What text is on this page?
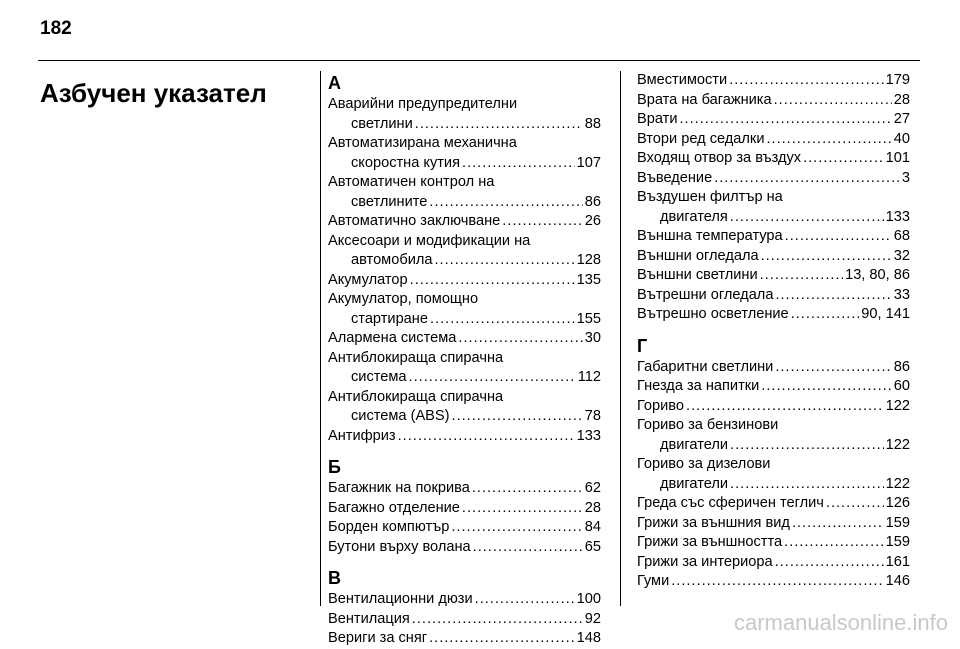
182
Азбучен указател	А
Аварийни предупредителни
светлини .....	88
Автоматизирана механична
скоростна кутия .....	107
Автоматичен контрол на
светлините .....	86
Автоматично заключване .....	26
Аксесоари и модификации на
автомобила .....	128
Акумулатор .....	135
Акумулатор, помощно
стартиране .....	155
Алармена система .....	30
Антиблокираща спирачна
система .....	112
Антиблокираща спирачна
система (ABS) .....	78
Антифриз .....	133
Б
Багажник на покрива .....	62
Багажно отделение .....	28
Борден компютър .....	84
Бутони върху волана .....	65
В
Вентилационни дюзи .....	100
Вентилация .....	92
Вериги за сняг .....	148
Вместимости .....	179
Врата на багажника .....	28
Врати .....	27
Втори ред седалки .....	40
Входящ отвор за въздух .....	101
Въведение .....	3
Въздушен филтър на
двигателя .....	133
Външна температура .....	68
Външни огледала .....	32
Външни светлини .....	13, 80, 86
Вътрешни огледала .....	33
Вътрешно осветление .....	90, 141
Г
Габаритни светлини .....	86
Гнезда за напитки .....	60
Гориво .....	122
Гориво за бензинови
двигатели .....	122
Гориво за дизелови
двигатели .....	122
Греда със сферичен теглич .....	126
Грижи за външния вид .....	159
Грижи за външността .....	159
Грижи за интериора .....	161
Гуми .....	146
carmanualsonline.info
